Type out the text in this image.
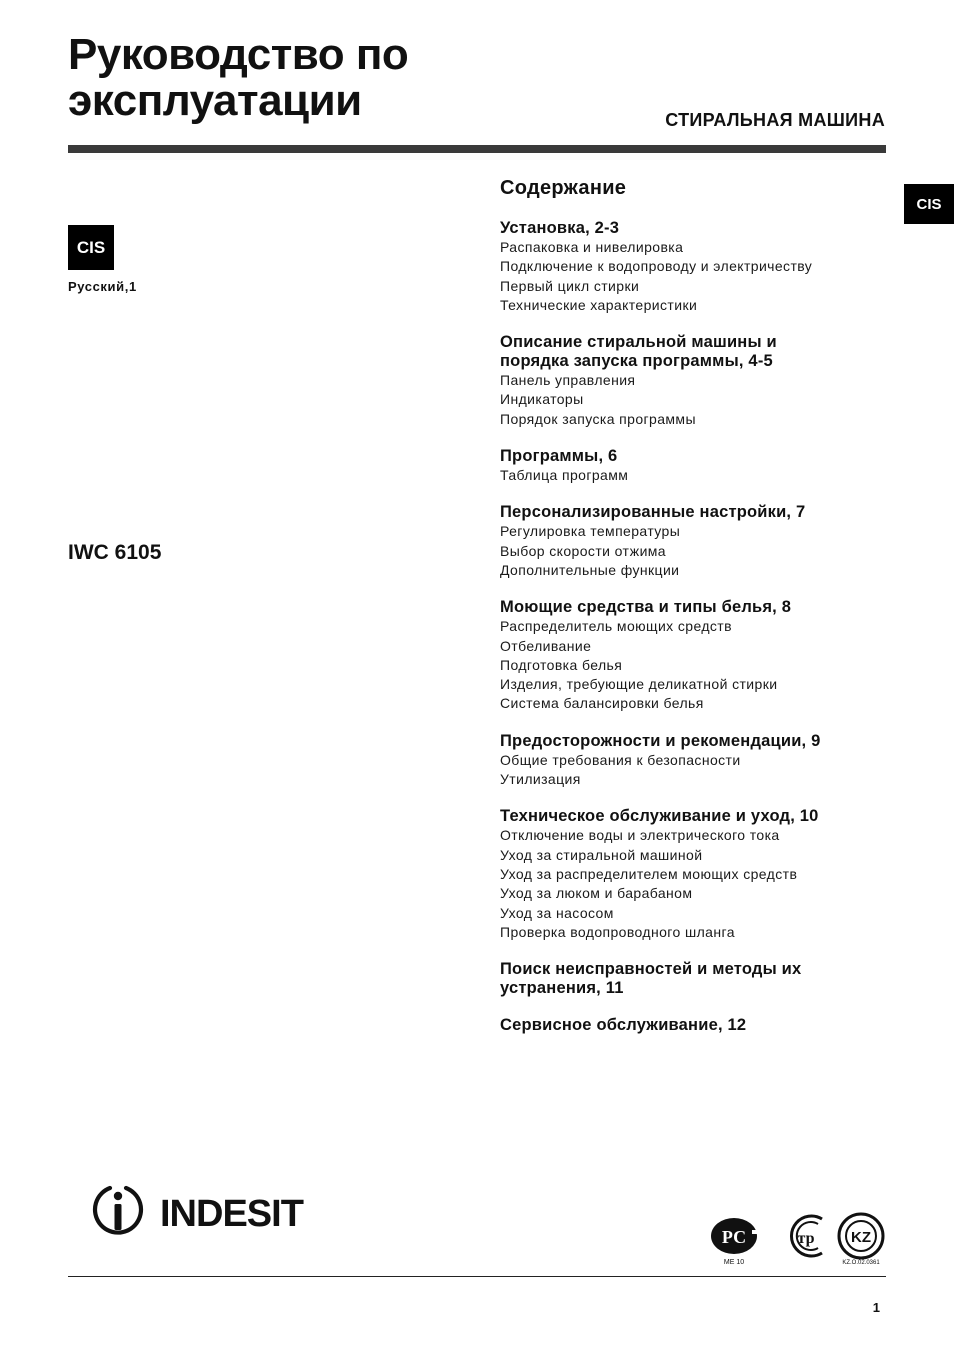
Руководство по
эксплуатации	СТИРАЛЬНАЯ МАШИНА
CIS
CIS
Русский,1
IWC 6105
Содержание
Установка, 2-3
Распаковка и нивелировка
Подключение к водопроводу и электричеству
Первый цикл стирки
Технические характеристики
Описание стиральной машины и
порядка запуска программы, 4-5
Панель управления
Индикаторы
Порядок запуска программы
Программы, 6
Таблица программ
Персонализированные настройки, 7
Регулировка температуры
Выбор скорости отжима
Дополнительные функции
Моющие средства и типы белья, 8
Распределитель моющих средств
Отбеливание
Подготовка белья
Изделия, требующие деликатной стирки
Система балансировки белья
Предосторожности и рекомендации, 9
Общие требования к безопасности
Утилизация
Техническое обслуживание и уход, 10
Отключение воды и электрического тока
Уход за стиральной машиной
Уход за распределителем моющих средств
Уход за люком и барабаном
Уход за насосом
Проверка водопроводного шланга
Поиск неисправностей и методы их
устранения, 11
Сервисное обслуживание, 12
INDESIT
РС
ME 10
тр KZ
KZ.O.02.0361
1
